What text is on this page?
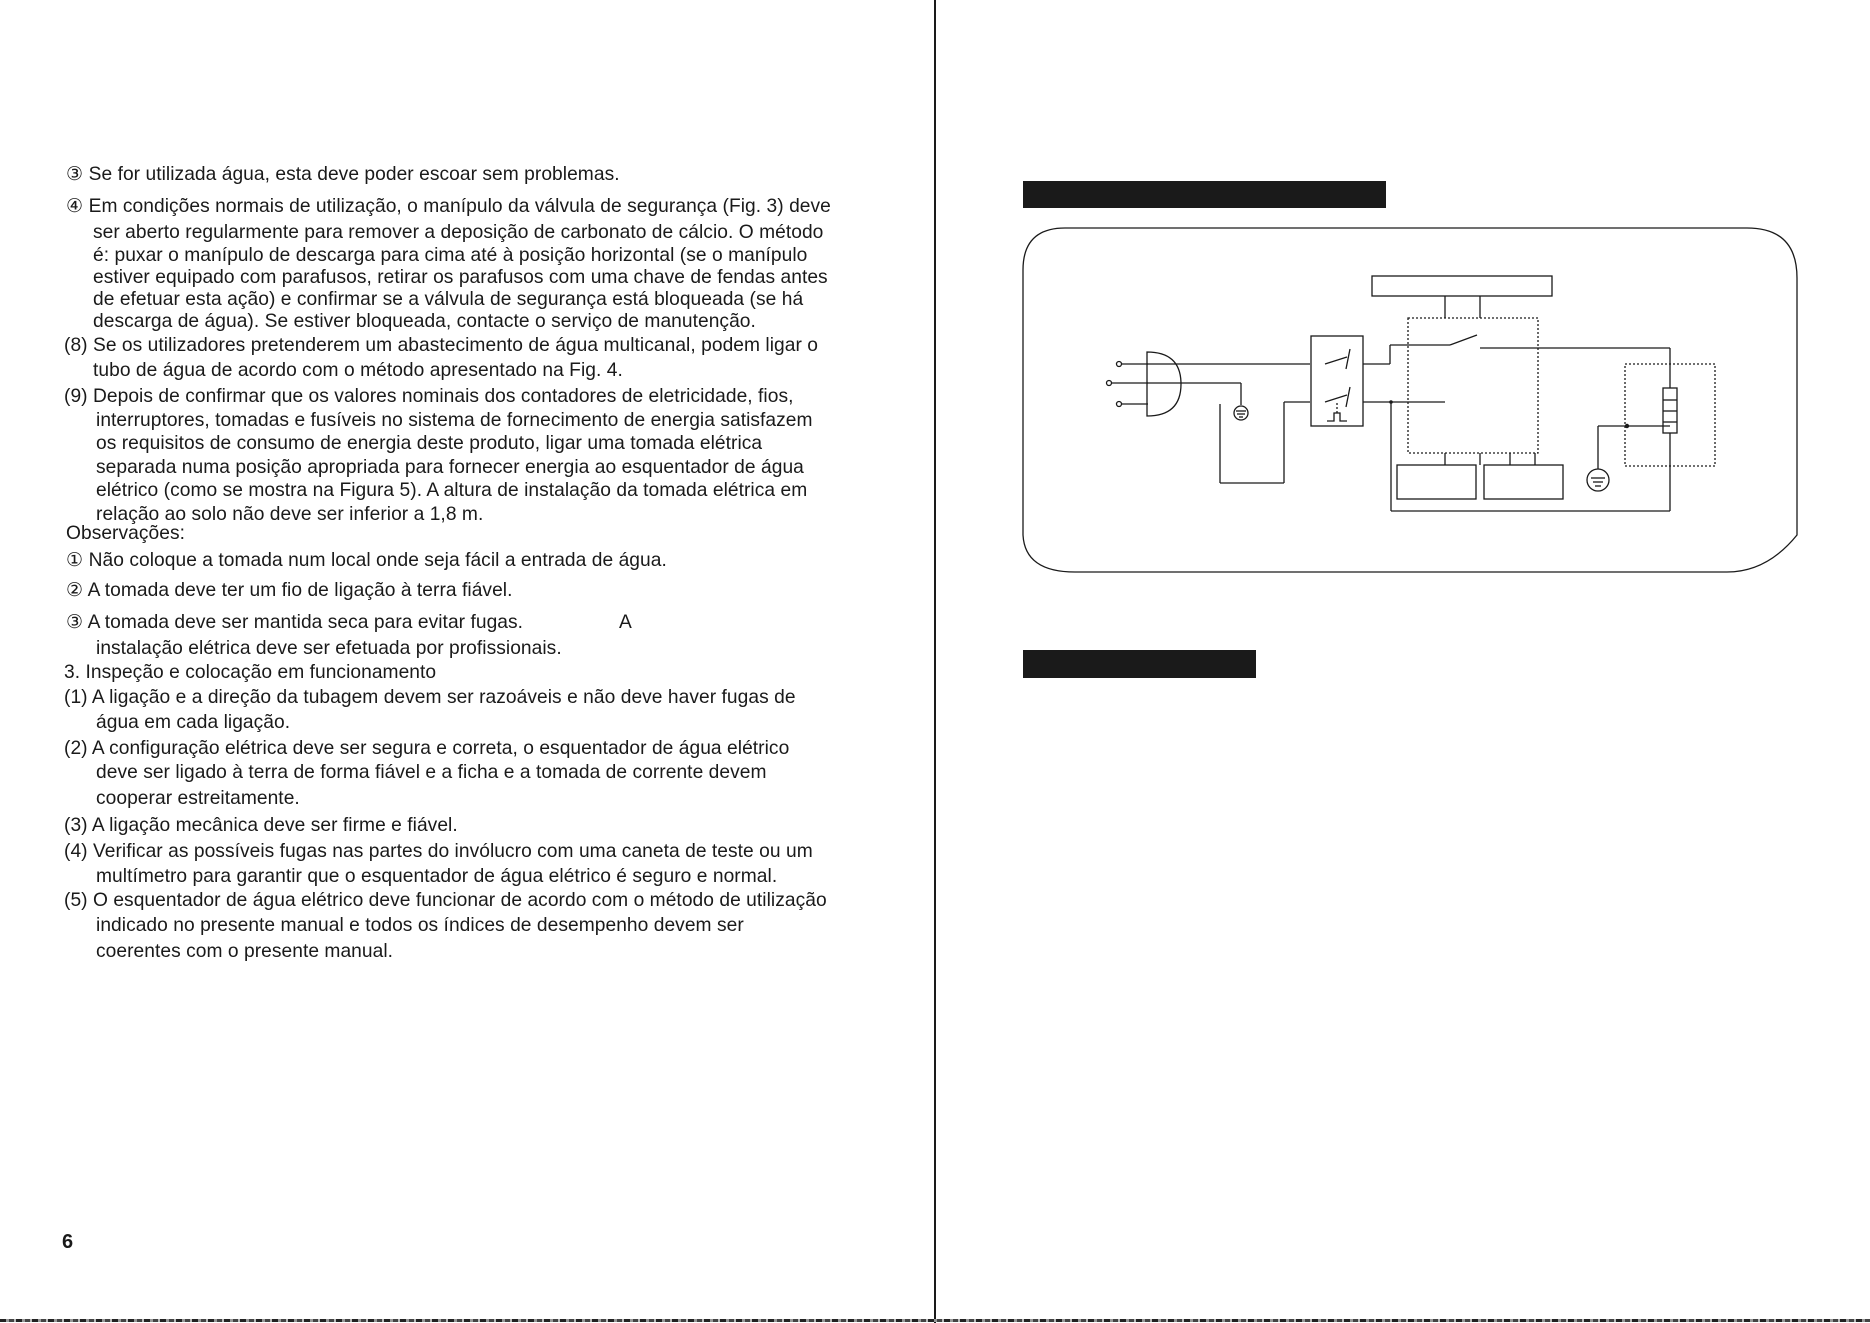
③ Se for utilizada água, esta deve poder escoar sem problemas.
④ Em condições normais de utilização, o manípulo da válvula de segurança (Fig. 3) deve
ser aberto regularmente para remover a deposição de carbonato de cálcio. O método
é: puxar o manípulo de descarga para cima até à posição horizontal (se o manípulo
estiver equipado com parafusos, retirar os parafusos com uma chave de fendas antes
de efetuar esta ação) e confirmar se a válvula de segurança está bloqueada (se há
descarga de água). Se estiver bloqueada, contacte o serviço de manutenção.
(8) Se os utilizadores pretenderem um abastecimento de água multicanal, podem ligar o
tubo de água de acordo com o método apresentado na Fig. 4.
(9) Depois de confirmar que os valores nominais dos contadores de eletricidade, fios,
interruptores, tomadas e fusíveis no sistema de fornecimento de energia satisfazem
os requisitos de consumo de energia deste produto, ligar uma tomada elétrica
separada numa posição apropriada para fornecer energia ao esquentador de água
elétrico (como se mostra na Figura 5). A altura de instalação da tomada elétrica em
relação ao solo não deve ser inferior a 1,8 m.
Observações:
① Não coloque a tomada num local onde seja fácil a entrada de água.
② A tomada deve ter um fio de ligação à terra fiável.
③ A tomada deve ser mantida seca para evitar fugas.	A
instalação elétrica deve ser efetuada por profissionais.
3. Inspeção e colocação em funcionamento
(1) A ligação e a direção da tubagem devem ser razoáveis e não deve haver fugas de
água em cada ligação.
(2) A configuração elétrica deve ser segura e correta, o esquentador de água elétrico
deve ser ligado à terra de forma fiável e a ficha e a tomada de corrente devem
cooperar estreitamente.
(3) A ligação mecânica deve ser firme e fiável.
(4) Verificar as possíveis fugas nas partes do invólucro com uma caneta de teste ou um
multímetro para garantir que o esquentador de água elétrico é seguro e normal.
(5) O esquentador de água elétrico deve funcionar de acordo com o método de utilização
indicado no presente manual e todos os índices de desempenho devem ser
coerentes com o presente manual.
6
